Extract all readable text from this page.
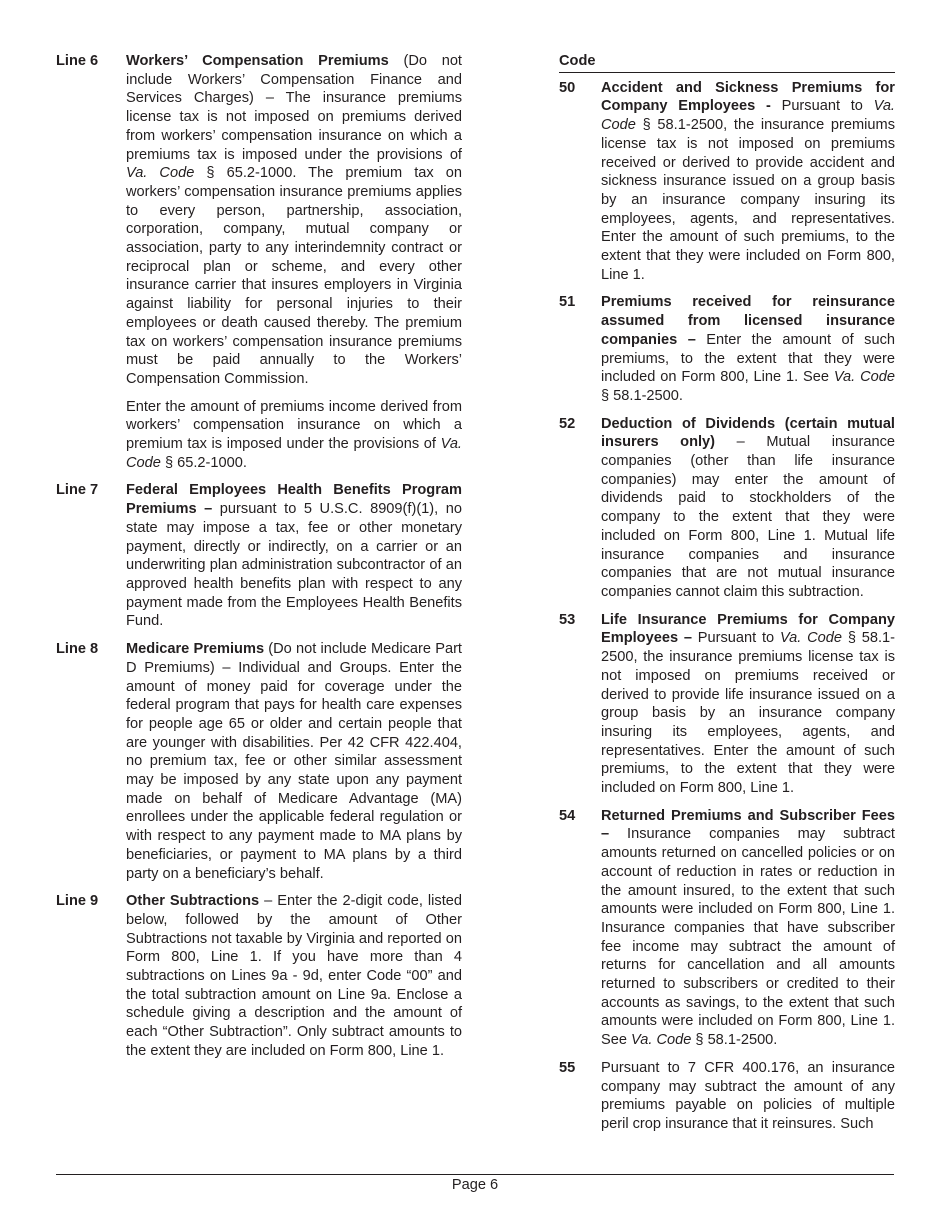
Line 6	Workers’ Compensation Premiums (Do not include Workers’ Compensation Finance and Services Charges) – The insurance premiums license tax is not imposed on premiums derived from workers’ compensation insurance on which a premiums tax is imposed under the provisions of Va. Code § 65.2-1000. The premium tax on workers’ compensation insurance premiums applies to every person, partnership, association, corporation, company, mutual company or association, party to any interindemnity contract or reciprocal plan or scheme, and every other insurance carrier that insures employers in Virginia against liability for personal injuries to their employees or death caused thereby. The premium tax on workers’ compensation insurance premiums must be paid annually to the Workers’ Compensation Commission.

Enter the amount of premiums income derived from workers’ compensation insurance on which a premium tax is imposed under the provisions of Va. Code § 65.2-1000.

Line 7	Federal Employees Health Benefits Program Premiums – pursuant to 5 U.S.C. 8909(f)(1), no state may impose a tax, fee or other monetary payment, directly or indirectly, on a carrier or an underwriting plan administration subcontractor of an approved health benefits plan with respect to any payment made from the Employees Health Benefits Fund.

Line 8	Medicare Premiums (Do not include Medicare Part D Premiums) – Individual and Groups. Enter the amount of money paid for coverage under the federal program that pays for health care expenses for people age 65 or older and certain people that are younger with disabilities. Per 42 CFR 422.404, no premium tax, fee or other similar assessment may be imposed by any state upon any payment made on behalf of Medicare Advantage (MA) enrollees under the applicable federal regulation or with respect to any payment made to MA plans by beneficiaries, or payment to MA plans by a third party on a beneficiary’s behalf.

Line 9	Other Subtractions – Enter the 2-digit code, listed below, followed by the amount of Other Subtractions not taxable by Virginia and reported on Form 800, Line 1. If you have more than 4 subtractions on Lines 9a - 9d, enter Code “00” and the total subtraction amount on Line 9a. Enclose a schedule giving a description and the amount of each “Other Subtraction”. Only subtract amounts to the extent they are included on Form 800, Line 1.

Code
50	Accident and Sickness Premiums for Company Employees - Pursuant to Va. Code § 58.1-2500, the insurance premiums license tax is not imposed on premiums received or derived to provide accident and sickness insurance issued on a group basis by an insurance company insuring its employees, agents, and representatives. Enter the amount of such premiums, to the extent that they were included on Form 800, Line 1.

51	Premiums received for reinsurance assumed from licensed insurance companies – Enter the amount of such premiums, to the extent that they were included on Form 800, Line 1. See Va. Code § 58.1-2500.

52	Deduction of Dividends (certain mutual insurers only) – Mutual insurance companies (other than life insurance companies) may enter the amount of dividends paid to stockholders of the company to the extent that they were included on Form 800, Line 1. Mutual life insurance companies and insurance companies that are not mutual insurance companies cannot claim this subtraction.

53	Life Insurance Premiums for Company Employees – Pursuant to Va. Code § 58.1-2500, the insurance premiums license tax is not imposed on premiums received or derived to provide life insurance issued on a group basis by an insurance company insuring its employees, agents, and representatives. Enter the amount of such premiums, to the extent that they were included on Form 800, Line 1.

54	Returned Premiums and Subscriber Fees – Insurance companies may subtract amounts returned on cancelled policies or on account of reduction in rates or reduction in the amount insured, to the extent that such amounts were included on Form 800, Line 1. Insurance companies that have subscriber fee income may subtract the amount of returns for cancellation and all amounts returned to subscribers or credited to their accounts as savings, to the extent that such amounts were included on Form 800, Line 1. See Va. Code § 58.1-2500.

55	Pursuant to 7 CFR 400.176, an insurance company may subtract the amount of any premiums payable on policies of multiple peril crop insurance that it reinsures. Such

Page 6
